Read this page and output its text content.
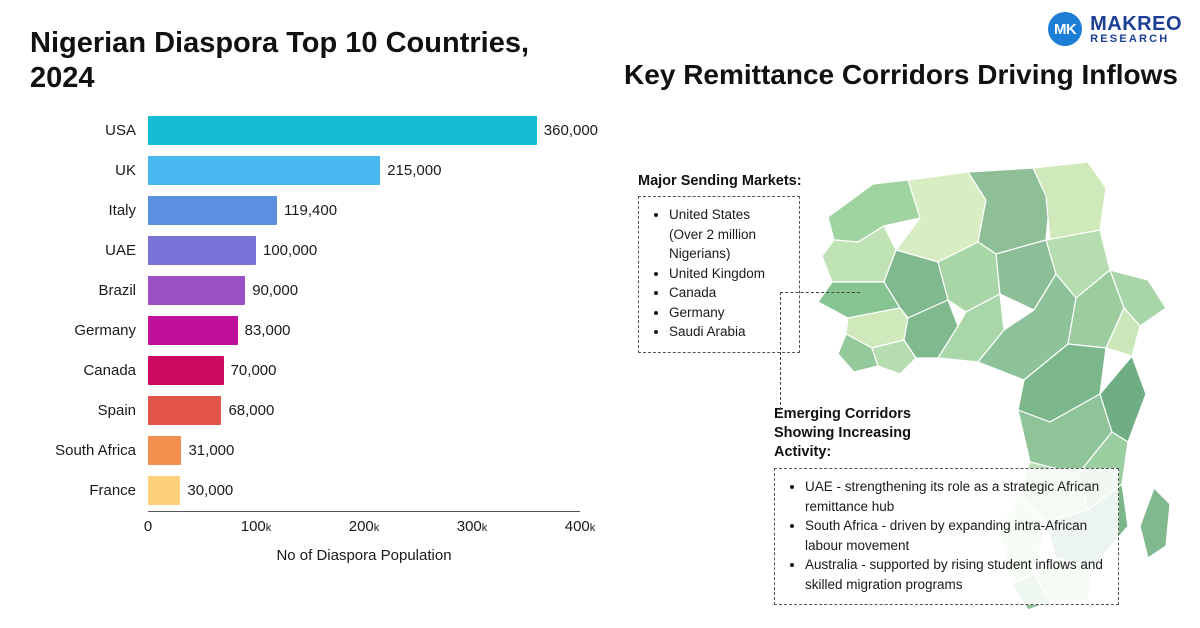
MK MAKREO
RESEARCH
Nigerian Diaspora Top 10 Countries, 2024
USA	360,000
UK	215,000
Italy	119,400
UAE	100,000
Brazil	90,000
Germany	83,000
Canada	70,000
Spain	68,000
South Africa	31,000
France	30,000
0	100k	200k	300k	400k
No of Diaspora Population
Key Remittance Corridors Driving Inflows
Major Sending Markets:
• United States (Over 2 million Nigerians)
• United Kingdom
• Canada
• Germany
• Saudi Arabia
Emerging Corridors Showing Increasing Activity:
• UAE - strengthening its role as a strategic African remittance hub
• South Africa - driven by expanding intra-African labour movement
• Australia - supported by rising student inflows and skilled migration programs
